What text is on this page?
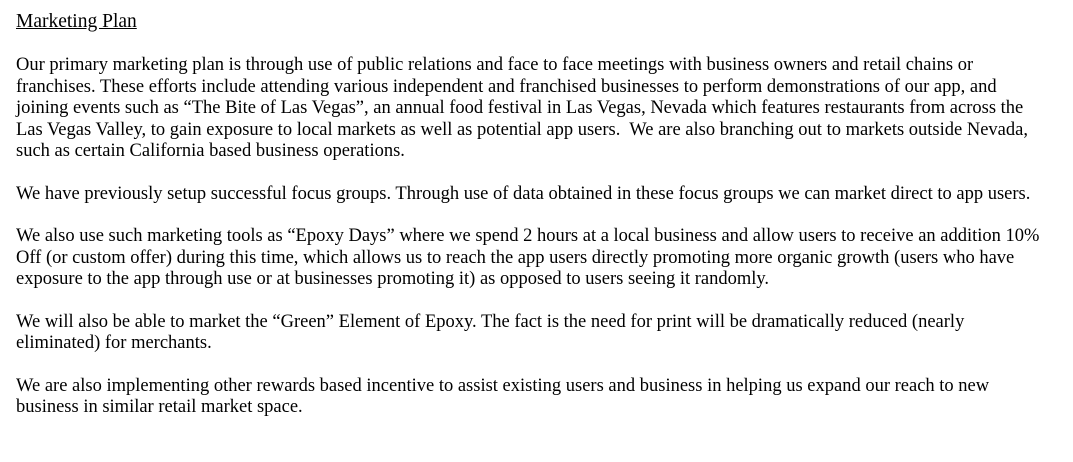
Marketing Plan

Our primary marketing plan is through use of public relations and face to face meetings with business owners and retail chains or franchises. These efforts include attending various independent and franchised businesses to perform demonstrations of our app, and joining events such as “The Bite of Las Vegas”, an annual food festival in Las Vegas, Nevada which features restaurants from across the Las Vegas Valley, to gain exposure to local markets as well as potential app users.  We are also branching out to markets outside Nevada, such as certain California based business operations.

We have previously setup successful focus groups. Through use of data obtained in these focus groups we can market direct to app users.

We also use such marketing tools as “Epoxy Days” where we spend 2 hours at a local business and allow users to receive an addition 10% Off (or custom offer) during this time, which allows us to reach the app users directly promoting more organic growth (users who have exposure to the app through use or at businesses promoting it) as opposed to users seeing it randomly.

We will also be able to market the “Green” Element of Epoxy. The fact is the need for print will be dramatically reduced (nearly eliminated) for merchants.

We are also implementing other rewards based incentive to assist existing users and business in helping us expand our reach to new business in similar retail market space.
